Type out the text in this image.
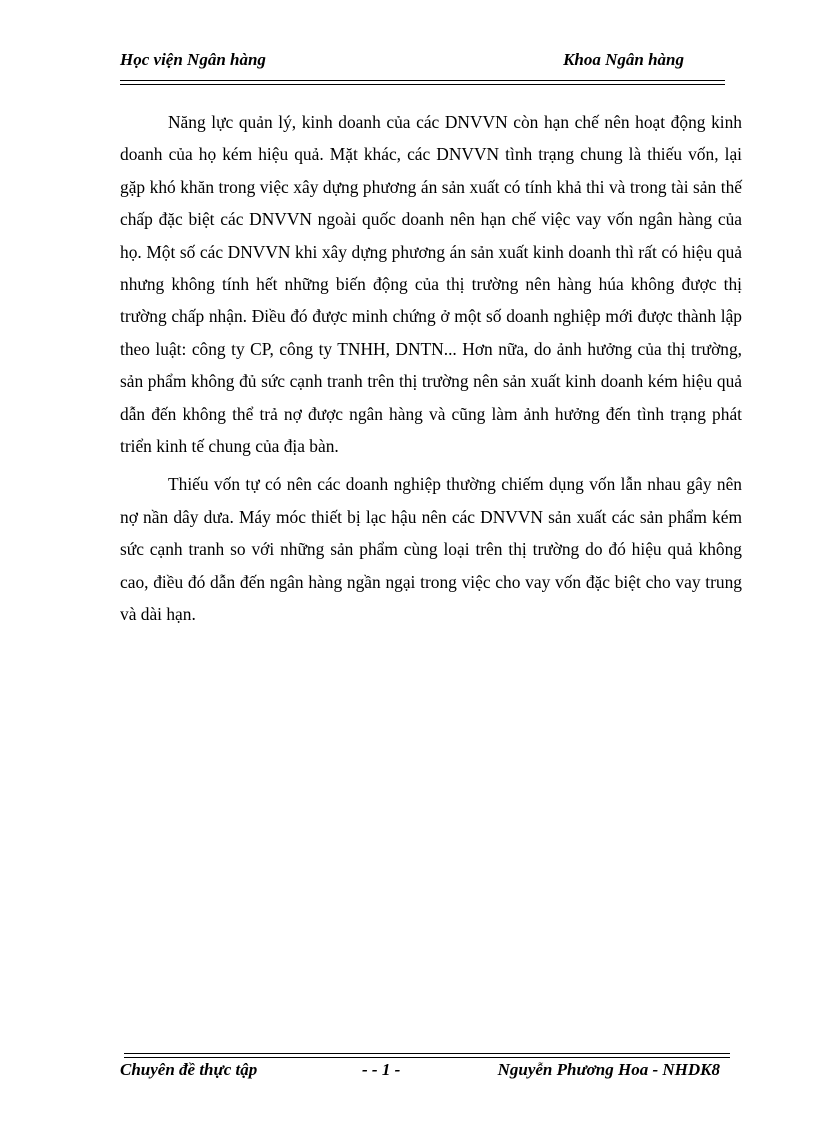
Học viện Ngân hàng	Khoa Ngân hàng

Năng lực quản lý, kinh doanh của các DNVVN còn hạn chế nên hoạt động kinh doanh của họ kém hiệu quả. Mặt khác, các DNVVN tình trạng chung là thiếu vốn, lại gặp khó khăn trong việc xây dựng phương án sản xuất có tính khả thi và trong tài sản thế chấp đặc biệt các DNVVN ngoài quốc doanh nên hạn chế việc vay vốn ngân hàng của họ. Một số các DNVVN khi xây dựng phương án sản xuất kinh doanh thì rất có hiệu quả nhưng không tính hết những biến động của thị trường nên hàng húa không được thị trường chấp nhận. Điều đó được minh chứng ở một số doanh nghiệp mới được thành lập theo luật: công ty CP, công ty TNHH, DNTN... Hơn nữa, do ảnh hưởng của thị trường, sản phẩm không đủ sức cạnh tranh trên thị trường nên sản xuất kinh doanh kém hiệu quả dẫn đến không thể trả nợ được ngân hàng và cũng làm ảnh hưởng đến tình trạng phát triển kinh tế chung của địa bàn.

Thiếu vốn tự có nên các doanh nghiệp thường chiếm dụng vốn lẫn nhau gây nên nợ nần dây dưa. Máy móc thiết bị lạc hậu nên các DNVVN sản xuất các sản phẩm kém sức cạnh tranh so với những sản phẩm cùng loại trên thị trường do đó hiệu quả không cao, điều đó dẫn đến ngân hàng ngần ngại trong việc cho vay vốn đặc biệt cho vay trung và dài hạn.

Chuyên đề thực tập	- - 1 -	Nguyễn Phương Hoa - NHDK8
